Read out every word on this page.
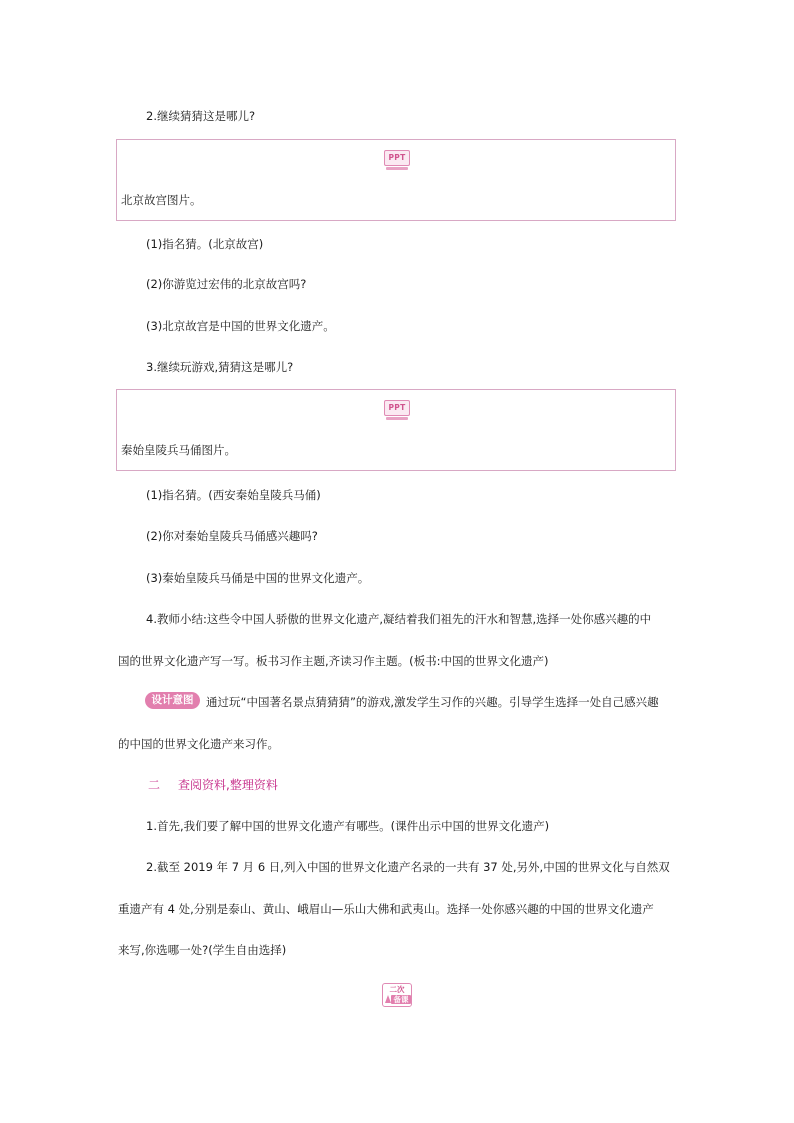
2.继续猜猜这是哪儿?
PPT
北京故宫图片。
(1)指名猜。(北京故宫)
(2)你游览过宏伟的北京故宫吗?
(3)北京故宫是中国的世界文化遗产。
3.继续玩游戏,猜猜这是哪儿?
PPT
秦始皇陵兵马俑图片。
(1)指名猜。(西安秦始皇陵兵马俑)
(2)你对秦始皇陵兵马俑感兴趣吗?
(3)秦始皇陵兵马俑是中国的世界文化遗产。
4.教师小结:这些令中国人骄傲的世界文化遗产,凝结着我们祖先的汗水和智慧,选择一处你感兴趣的中
国的世界文化遗产写一写。板书习作主题,齐读习作主题。(板书:中国的世界文化遗产)
设计意图	通过玩“中国著名景点猜猜猜”的游戏,激发学生习作的兴趣。引导学生选择一处自己感兴趣
的中国的世界文化遗产来习作。
二 查阅资料,整理资料
1.首先,我们要了解中国的世界文化遗产有哪些。(课件出示中国的世界文化遗产)
2.截至 2019 年 7 月 6 日,列入中国的世界文化遗产名录的一共有 37 处,另外,中国的世界文化与自然双
重遗产有 4 处,分别是泰山、黄山、峨眉山—乐山大佛和武夷山。选择一处你感兴趣的中国的世界文化遗产
来写,你选哪一处?(学生自由选择)
二次
备课
